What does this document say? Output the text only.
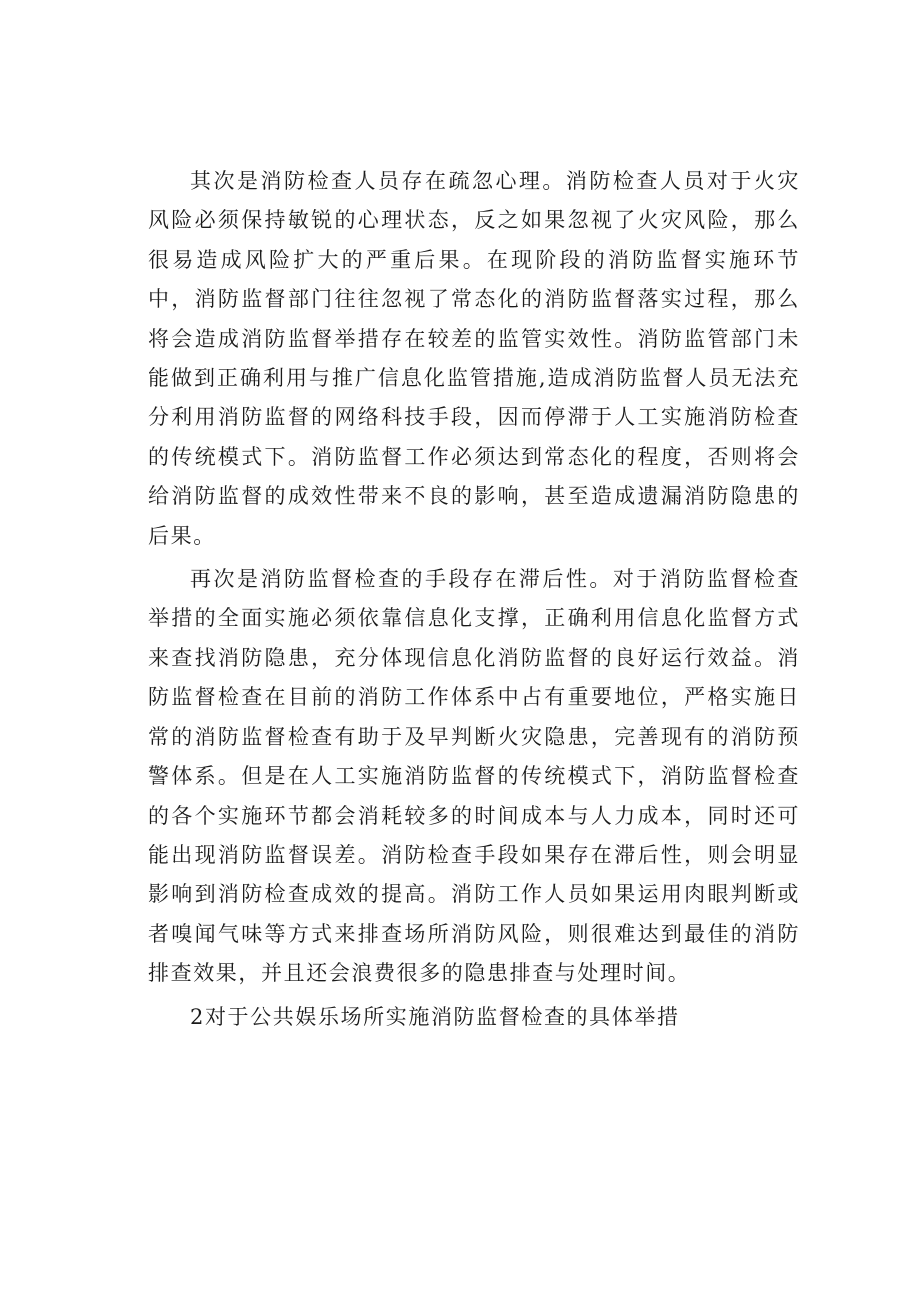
其次是消防检查人员存在疏忽心理。消防检查人员对于火灾风险必须保持敏锐的心理状态，反之如果忽视了火灾风险，那么很易造成风险扩大的严重后果。在现阶段的消防监督实施环节中，消防监督部门往往忽视了常态化的消防监督落实过程，那么将会造成消防监督举措存在较差的监管实效性。消防监管部门未能做到正确利用与推广信息化监管措施,造成消防监督人员无法充分利用消防监督的网络科技手段，因而停滞于人工实施消防检查的传统模式下。消防监督工作必须达到常态化的程度，否则将会给消防监督的成效性带来不良的影响，甚至造成遗漏消防隐患的后果。

再次是消防监督检查的手段存在滞后性。对于消防监督检查举措的全面实施必须依靠信息化支撑，正确利用信息化监督方式来查找消防隐患，充分体现信息化消防监督的良好运行效益。消防监督检查在目前的消防工作体系中占有重要地位，严格实施日常的消防监督检查有助于及早判断火灾隐患，完善现有的消防预警体系。但是在人工实施消防监督的传统模式下，消防监督检查的各个实施环节都会消耗较多的时间成本与人力成本，同时还可能出现消防监督误差。消防检查手段如果存在滞后性，则会明显影响到消防检查成效的提高。消防工作人员如果运用肉眼判断或者嗅闻气味等方式来排查场所消防风险，则很难达到最佳的消防排查效果，并且还会浪费很多的隐患排查与处理时间。

2对于公共娱乐场所实施消防监督检查的具体举措
